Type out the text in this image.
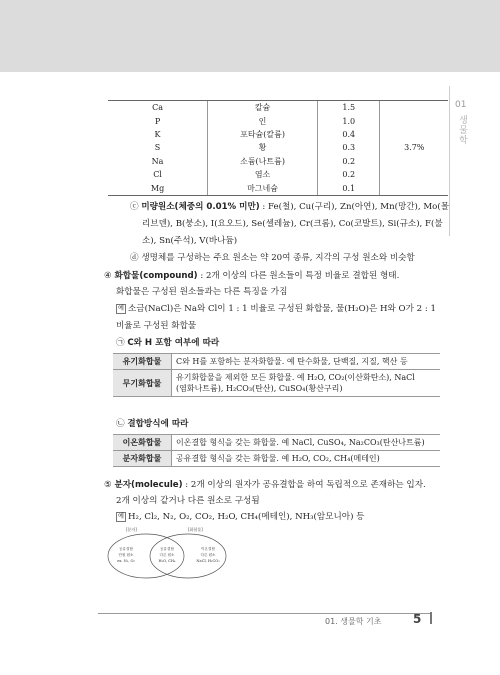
01
생물학
Ca	칼슘	1.5	
P	인	1.0	
K	포타슘(칼륨)	0.4	
S	황	0.3	3.7%
Na	소듐(나트륨)	0.2	
Cl	염소	0.2	
Mg	마그네슘	0.1	
ⓒ 미량원소(체중의 0.01% 미만) : Fe(철), Cu(구리), Zn(아연), Mn(망간), Mo(몰
리브덴), B(붕소), I(요오드), Se(셀레늄), Cr(크롬), Co(코발트), Si(규소), F(불
소), Sn(주석), V(바나듐)
ⓓ 생명체를 구성하는 주요 원소는 약 20여 종류, 지각의 구성 원소와 비슷함
④ 화합물(compound) : 2개 이상의 다른 원소들이 특정 비율로 결합된 형태.
화합물은 구성된 원소들과는 다른 특징을 가짐
예 소금(NaCl)은 Na와 Cl이 1 : 1 비율로 구성된 화합물, 물(H₂O)은 H와 O가 2 : 1
비율로 구성된 화합물
㉠ C와 H 포함 여부에 따라
유기화합물	C와 H를 포함하는 분자화합물. 예 탄수화물, 단백질, 지질, 핵산 등
무기화합물	유기화합물을 제외한 모든 화합물. 예 H₂O, CO₂(이산화탄소), NaCl
(염화나트륨), H₂CO₃(탄산), CuSO₄(황산구리)
㉡ 결합방식에 따라
이온화합물	이온결합 형식을 갖는 화합물. 예 NaCl, CuSO₄, Na₂CO₃(탄산나트륨)
분자화합물	공유결합 형식을 갖는 화합물. 예 H₂O, CO₂, CH₄(메테인)
⑤ 분자(molecule) : 2개 이상의 원자가 공유결합을 하여 독립적으로 존재하는 입자.
2개 이상의 같거나 다른 원소로 구성됨
예 H₂, Cl₂, N₂, O₂, CO₂, H₂O, CH₄(메테인), NH₃(암모니아) 등
[분자]	[화합물]
공유결합
단원 원소
ex. N₂, O₂
공유결합
다른 원소
H₂O, CH₄
이온결합
다른 원소
NaCl, H₂CO₃
01. 생물학 기초	5
